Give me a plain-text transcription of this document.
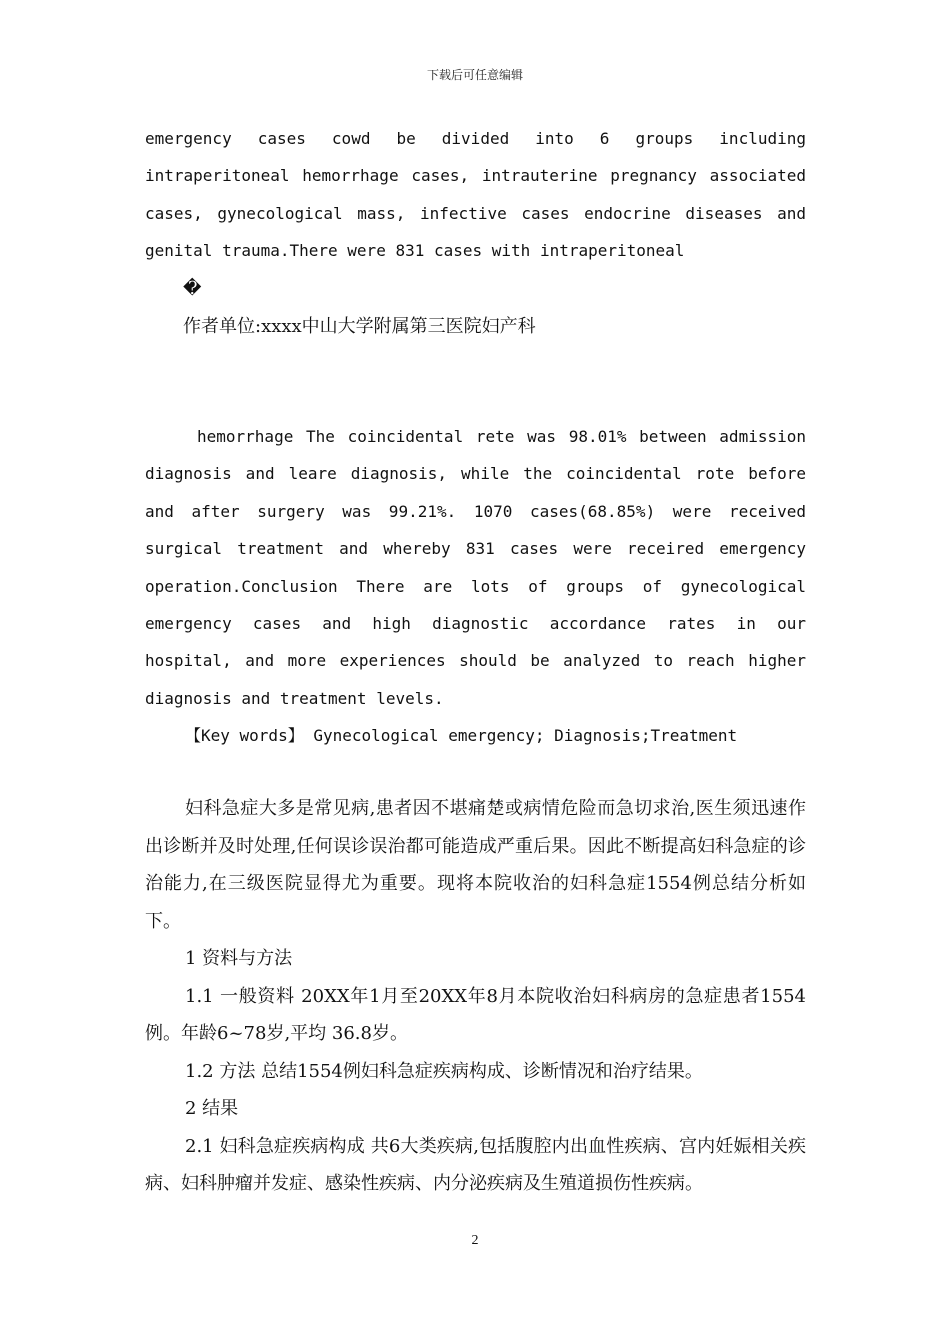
下载后可任意编辑

emergency cases cowd be divided into 6 groups including intraperitoneal hemorrhage cases, intrauterine pregnancy associated cases, gynecological mass, infective cases endocrine diseases and genital trauma.There were 831 cases with intraperitoneal

�

作者单位:xxxx中山大学附属第三医院妇产科

hemorrhage The coincidental rete was 98.01% between admission diagnosis and leare diagnosis, while the coincidental rote before and after surgery was 99.21%. 1070 cases(68.85%) were received surgical treatment and whereby 831 cases were receired emergency operation.Conclusion There are lots of groups of gynecological emergency cases and high diagnostic accordance rates in our hospital, and more experiences should be analyzed to reach higher diagnosis and treatment levels.

【Key words】 Gynecological emergency; Diagnosis;Treatment

妇科急症大多是常见病,患者因不堪痛楚或病情危险而急切求治,医生须迅速作出诊断并及时处理,任何误诊误治都可能造成严重后果。因此不断提高妇科急症的诊治能力,在三级医院显得尤为重要。现将本院收治的妇科急症1554例总结分析如下。

1 资料与方法

1.1 一般资料 20XX年1月至20XX年8月本院收治妇科病房的急症患者1554例。年龄6~78岁,平均 36.8岁。

1.2 方法 总结1554例妇科急症疾病构成、诊断情况和治疗结果。

2 结果

2.1 妇科急症疾病构成 共6大类疾病,包括腹腔内出血性疾病、宫内妊娠相关疾病、妇科肿瘤并发症、感染性疾病、内分泌疾病及生殖道损伤性疾病。

2
